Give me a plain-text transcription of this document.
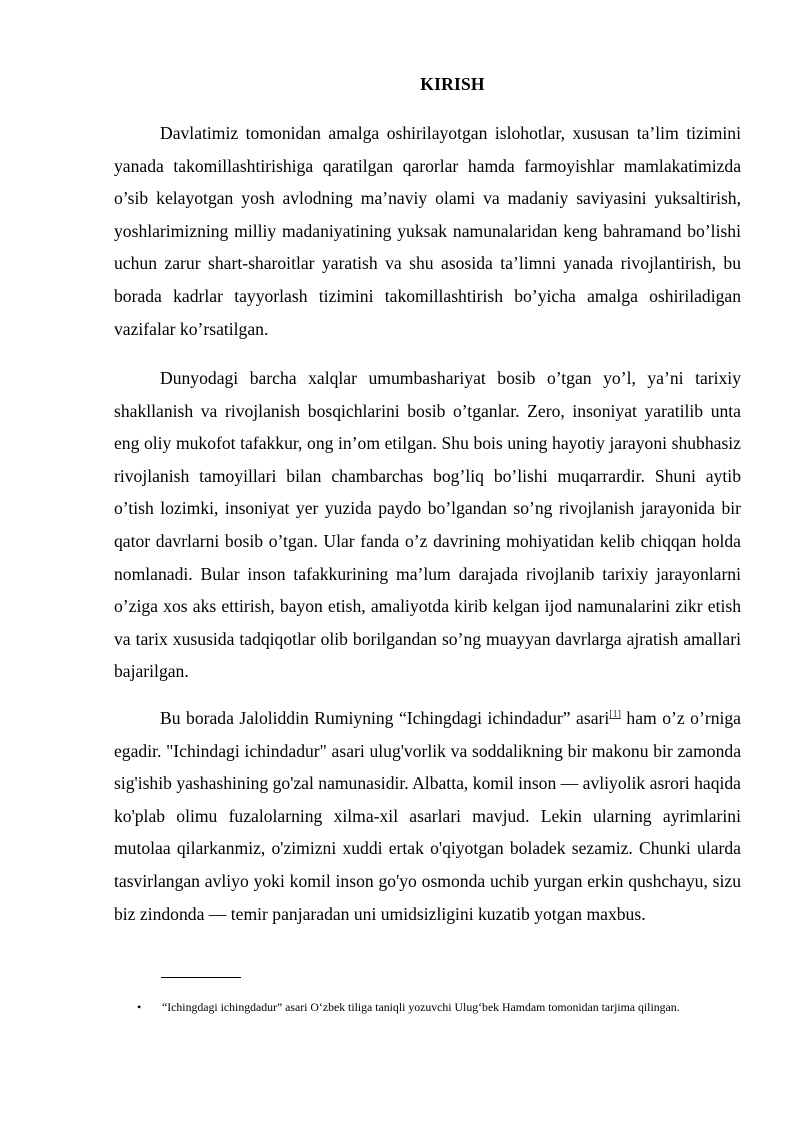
KIRISH

Davlatimiz tomonidan amalga oshirilayotgan islohotlar, xususan ta’lim tizimini yanada takomillashtirishiga qaratilgan qarorlar hamda farmoyishlar mamlakatimizda o’sib kelayotgan yosh avlodning ma’naviy olami va madaniy saviyasini yuksaltirish, yoshlarimizning milliy madaniyatining yuksak namunalaridan keng bahramand bo’lishi uchun zarur shart-sharoitlar yaratish va shu asosida ta’limni yanada rivojlantirish, bu borada kadrlar tayyorlash tizimini takomillashtirish bo’yicha amalga oshiriladigan vazifalar ko’rsatilgan.

Dunyodagi barcha xalqlar umumbashariyat bosib o’tgan yo’l, ya’ni tarixiy shakllanish va rivojlanish bosqichlarini bosib o’tganlar. Zero, insoniyat yaratilib unta eng oliy mukofot tafakkur, ong in’om etilgan. Shu bois uning hayotiy jarayoni shubhasiz rivojlanish tamoyillari bilan chambarchas bog’liq bo’lishi muqarrardir. Shuni aytib o’tish lozimki, insoniyat yer yuzida paydo bo’lgandan so’ng rivojlanish jarayonida bir qator davrlarni bosib o’tgan. Ular fanda o’z davrining mohiyatidan kelib chiqqan holda nomlanadi. Bular inson tafakkurining ma’lum darajada rivojlanib tarixiy jarayonlarni o’ziga xos aks ettirish, bayon etish, amaliyotda kirib kelgan ijod namunalarini zikr etish va tarix xususida tadqiqotlar olib borilgandan so’ng muayyan davrlarga ajratish amallari bajarilgan.

Bu borada Jaloliddin Rumiyning “Ichingdagi ichindadur” asari[1] ham o’z o’rniga egadir. "Ichindagi ichindadur" asari ulug'vorlik va soddalikning bir makonu bir zamonda sig'ishib yashashining go'zal namunasidir. Albatta, komil inson — avliyolik asrori haqida ko'plab olimu fuzalolarning xilma-xil asarlari mavjud. Lekin ularning ayrimlarini mutolaa qilarkanmiz, o'zimizni xuddi ertak o'qiyotgan boladek sezamiz. Chunki ularda tasvirlangan avliyo yoki komil inson go'yo osmonda uchib yurgan erkin qushchayu, sizu biz zindonda — temir panjaradan uni umidsizligini kuzatib yotgan maxbus.

•	“Ichingdagi ichingdadur” asari O‘zbek tiliga taniqli yozuvchi Ulug‘bek Hamdam tomonidan tarjima qilingan.
